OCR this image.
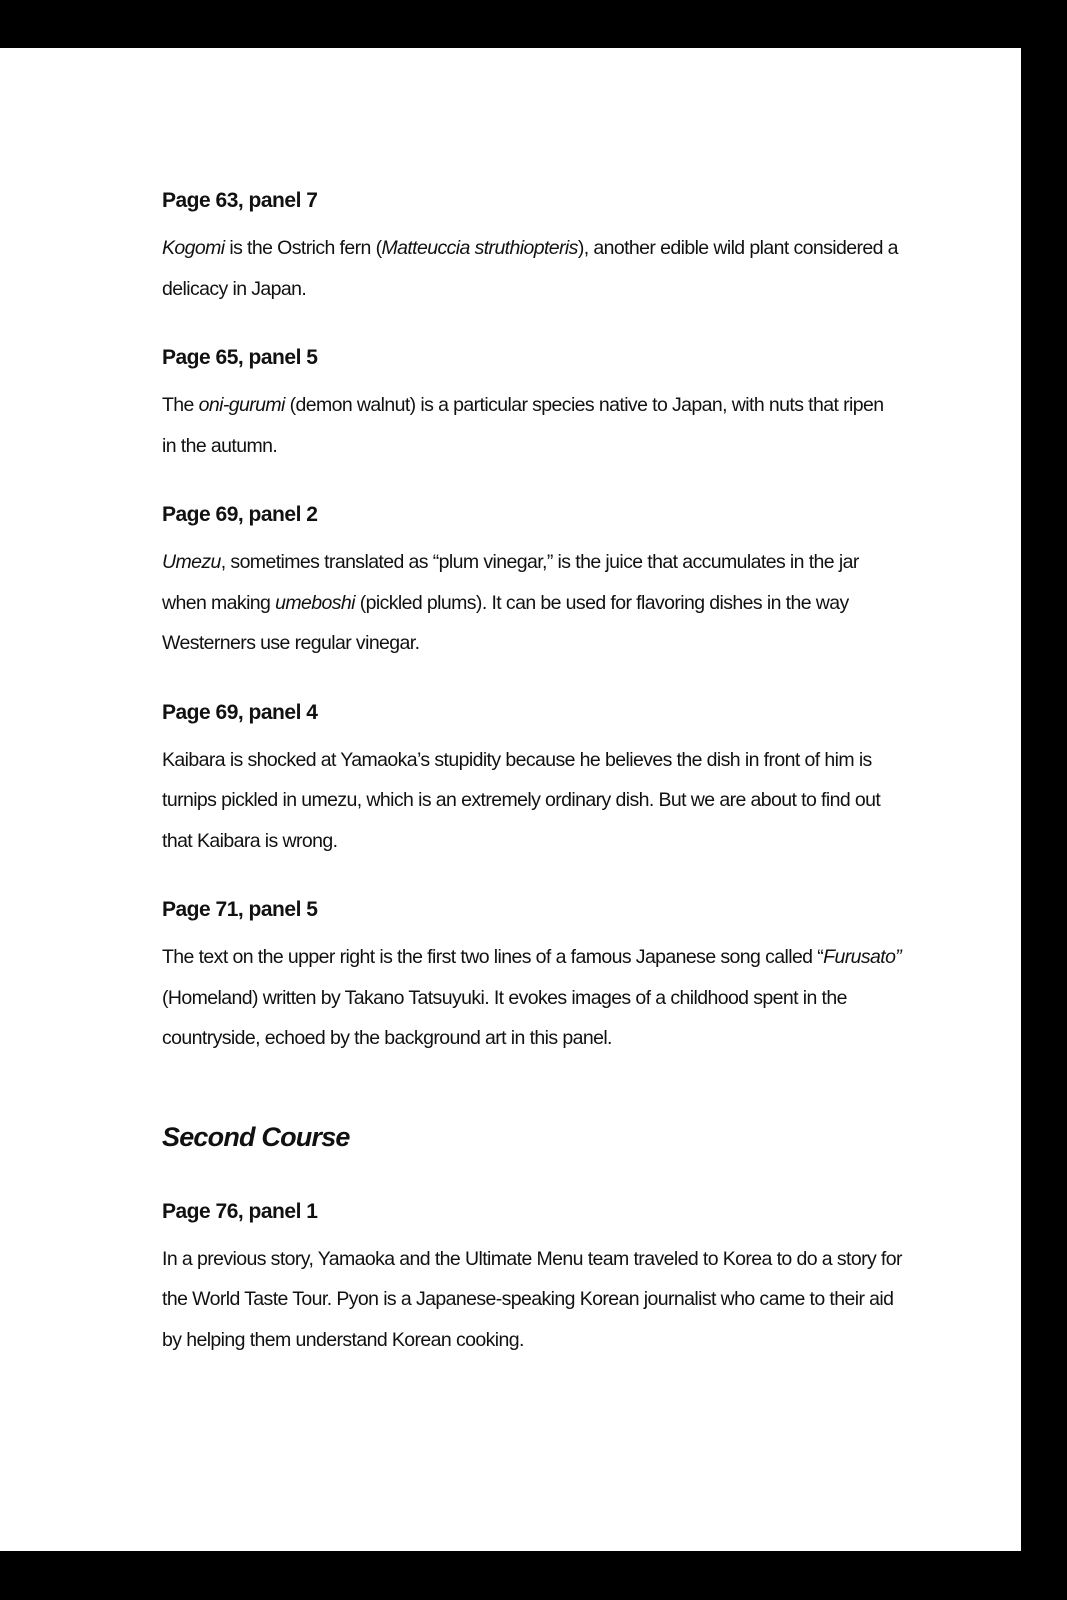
Page 63, panel 7

Kogomi is the Ostrich fern (Matteuccia struthiopteris), another edible wild plant considered a delicacy in Japan.

Page 65, panel 5

The oni-gurumi (demon walnut) is a particular species native to Japan, with nuts that ripen in the autumn.

Page 69, panel 2

Umezu, sometimes translated as “plum vinegar,” is the juice that accumulates in the jar when making umeboshi (pickled plums). It can be used for flavoring dishes in the way Westerners use regular vinegar.

Page 69, panel 4

Kaibara is shocked at Yamaoka’s stupidity because he believes the dish in front of him is turnips pickled in umezu, which is an extremely ordinary dish. But we are about to find out that Kaibara is wrong.

Page 71, panel 5

The text on the upper right is the first two lines of a famous Japanese song called “Furusato” (Homeland) written by Takano Tatsuyuki. It evokes images of a childhood spent in the countryside, echoed by the background art in this panel.

Second Course

Page 76, panel 1

In a previous story, Yamaoka and the Ultimate Menu team traveled to Korea to do a story for the World Taste Tour. Pyon is a Japanese-speaking Korean journalist who came to their aid by helping them understand Korean cooking.
